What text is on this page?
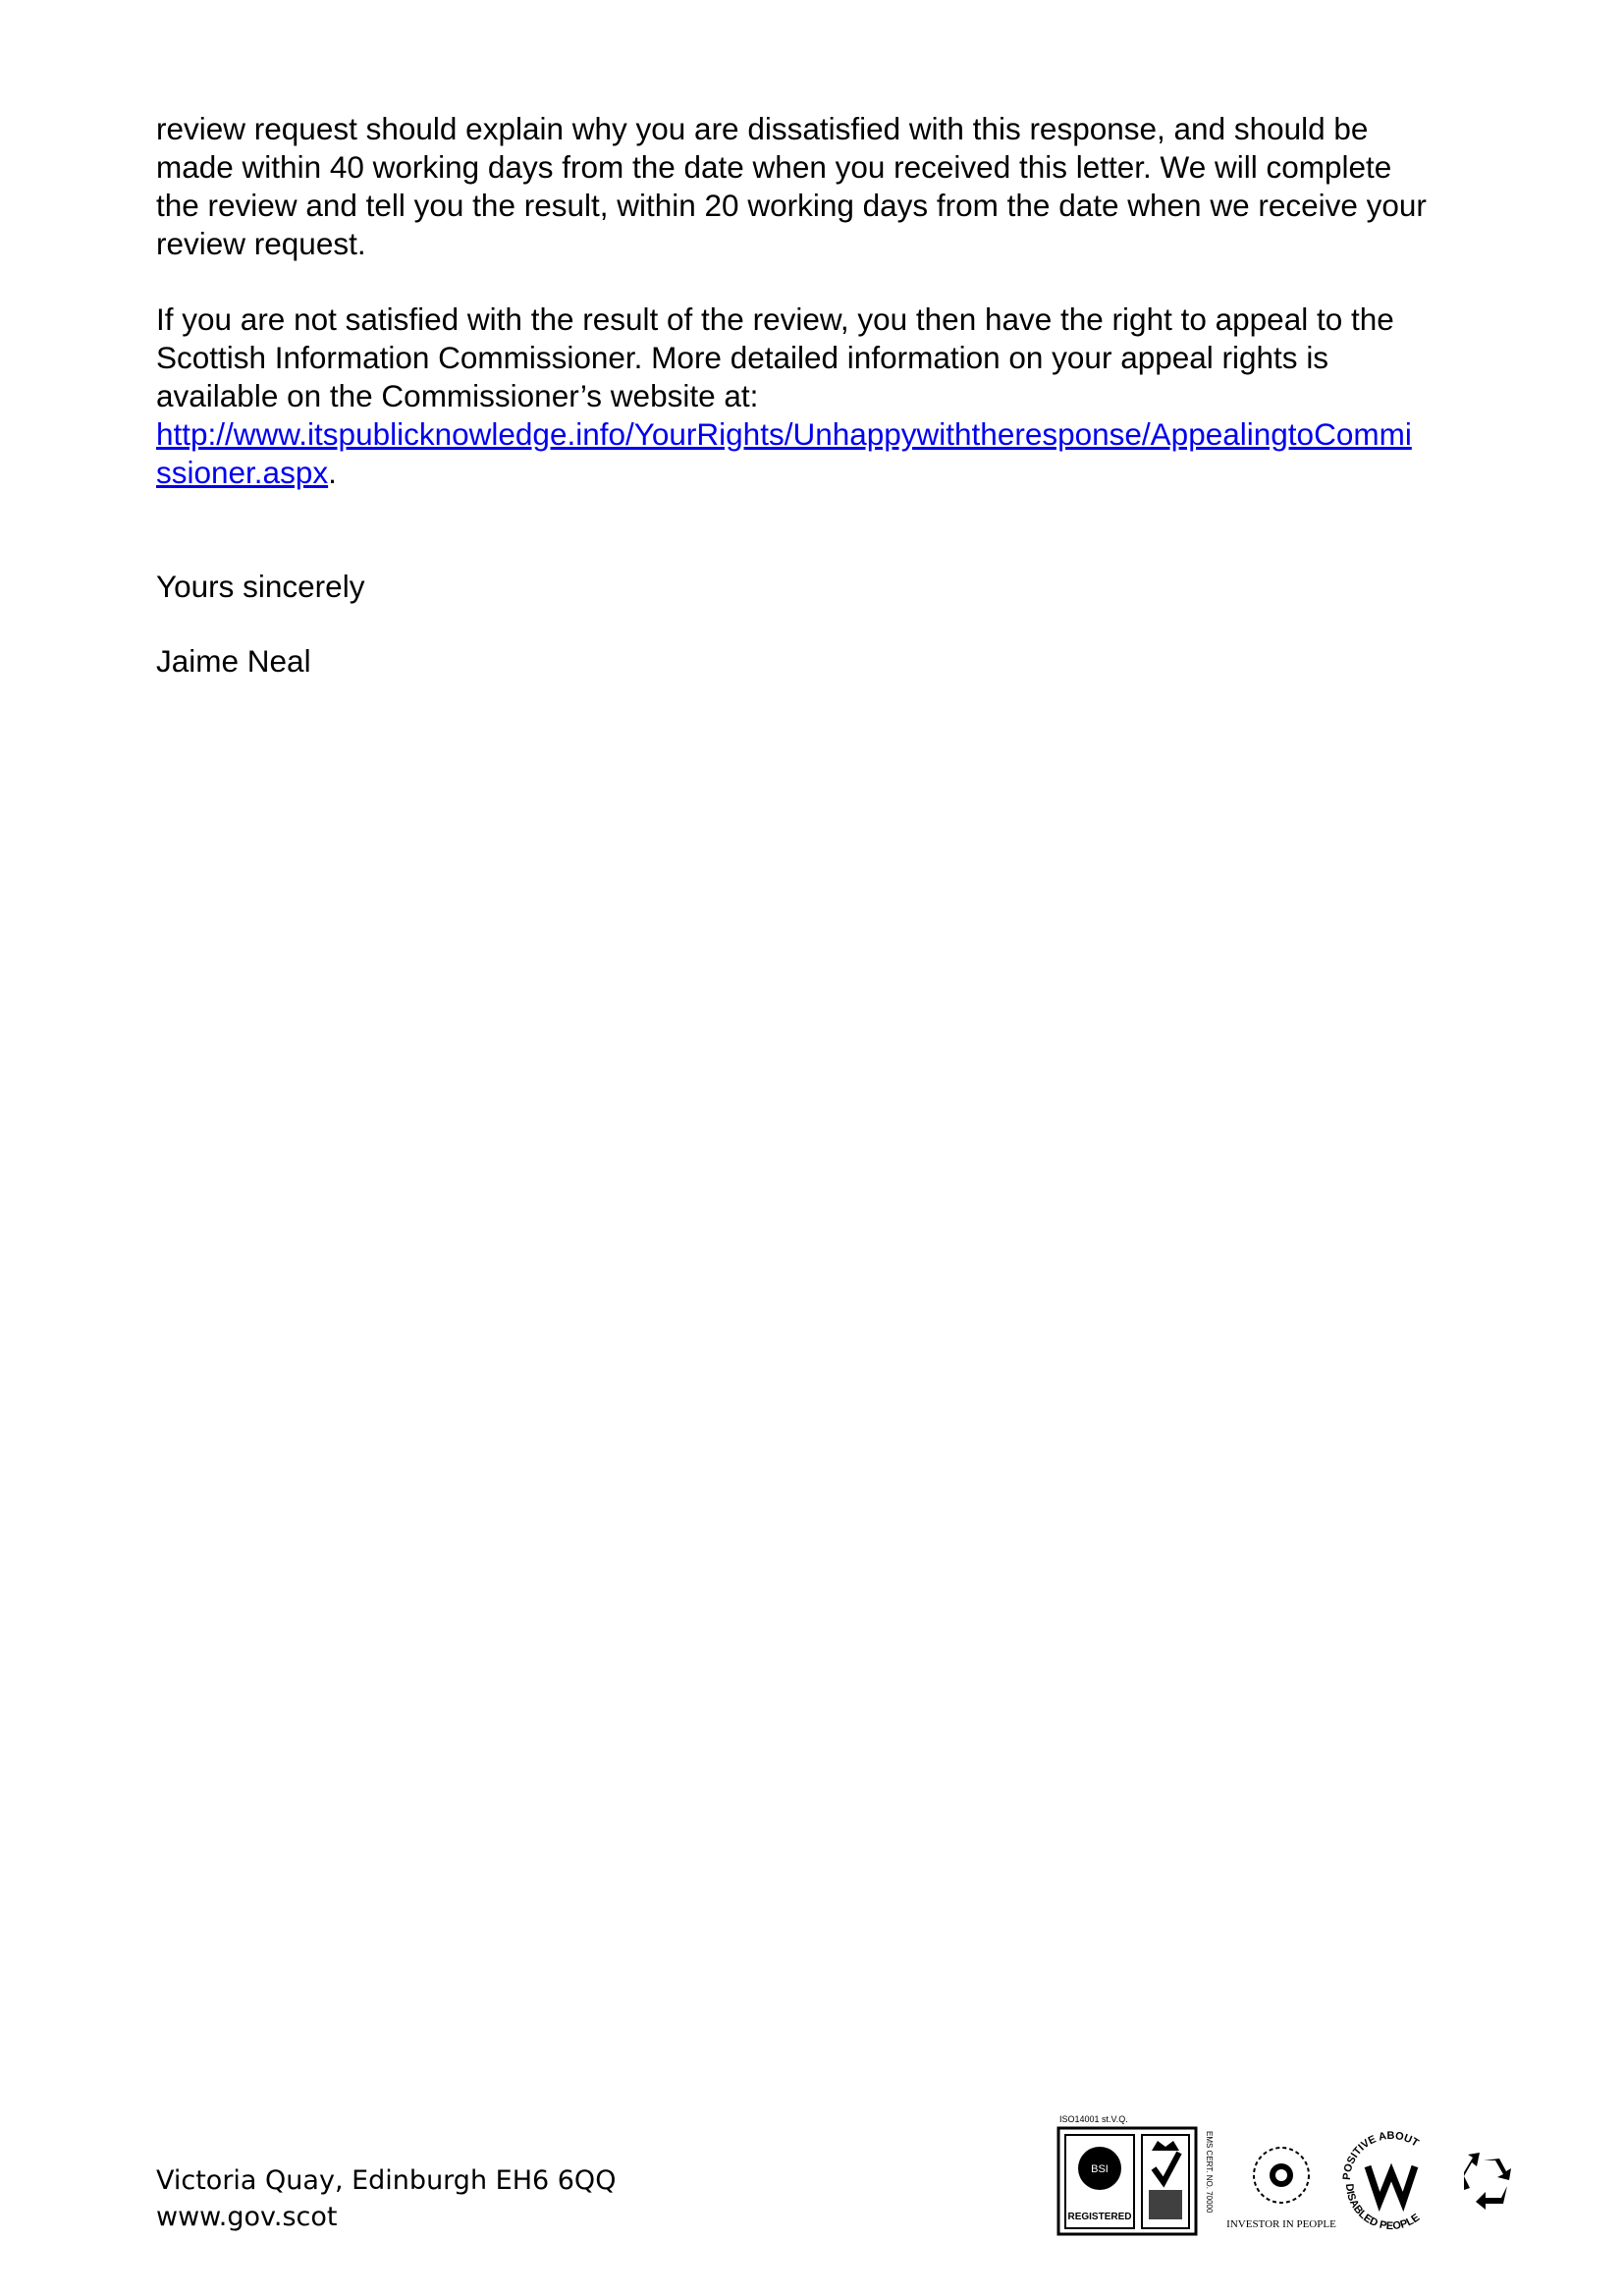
review request should explain why you are dissatisfied with this response, and should be
made within 40 working days from the date when you received this letter. We will complete
the review and tell you the result, within 20 working days from the date when we receive your
review request.

If you are not satisfied with the result of the review, you then have the right to appeal to the
Scottish Information Commissioner. More detailed information on your appeal rights is
available on the Commissioner’s website at:
http://www.itspublicknowledge.info/YourRights/Unhappywiththeresponse/AppealingtoCommi
ssioner.aspx.

Yours sincerely
Jaime Neal
Victoria Quay, Edinburgh EH6 6QQ
www.gov.scot
ISO14001 st.V.Q.
BSI
REGISTERED
EMS CERT. NO. 70000
INVESTOR IN PEOPLE
POSITIVE ABOUT
DISABLED PEOPLE
